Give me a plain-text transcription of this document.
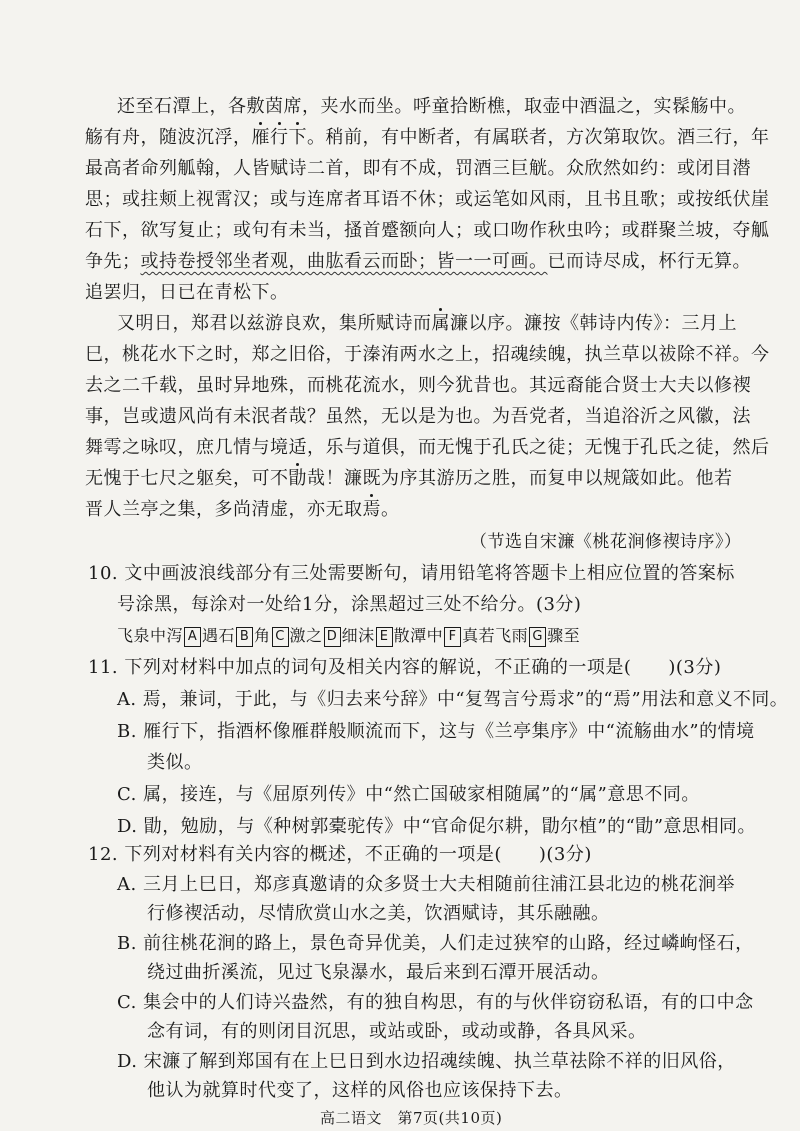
还至石潭上，各敷茵席，夹水而坐。呼童拾断樵，取壶中酒温之，实髹觞中。
觞有舟，随波沉浮，雁行下。稍前，有中断者，有属联者，方次第取饮。酒三行，年
最高者命列觚翰，人皆赋诗二首，即有不成，罚酒三巨觥。众欣然如约：或闭目潜
思；或拄颊上视霄汉；或与连席者耳语不休；或运笔如风雨，且书且歌；或按纸伏崖
石下，欲写复止；或句有未当，搔首蹙额向人；或口吻作秋虫吟；或群聚兰坡，夺觚
争先；或持卷授邻坐者观，曲肱看云而卧；皆一一可画。已而诗尽成，杯行无算。
追罢归，日已在青松下。
又明日，郑君以兹游良欢，集所赋诗而属濂以序。濂按《韩诗内传》：三月上
巳，桃花水下之时，郑之旧俗，于溱洧两水之上，招魂续魄，执兰草以祓除不祥。今
去之二千载，虽时异地殊，而桃花流水，则今犹昔也。其远裔能合贤士大夫以修禊
事，岂或遗风尚有未泯者哉？虽然，无以是为也。为吾党者，当追浴沂之风徽，法
舞雩之咏叹，庶几情与境适，乐与道俱，而无愧于孔氏之徒；无愧于孔氏之徒，然后
无愧于七尺之躯矣，可不勖哉！濂既为序其游历之胜，而复申以规箴如此。他若
晋人兰亭之集，多尚清虚，亦无取焉。
（节选自宋濂《桃花涧修禊诗序》）
10. 文中画波浪线部分有三处需要断句，请用铅笔将答题卡上相应位置的答案标
号涂黑，每涂对一处给1分，涂黑超过三处不给分。(3分)
飞泉中泻 A 遇石 B 角 C 激之 D 细沫 E 散潭中 F 真若飞雨 G 骤至
11. 下列对材料中加点的词句及相关内容的解说，不正确的一项是(　　)(3分)
A. 焉，兼词，于此，与《归去来兮辞》中“复驾言兮焉求”的“焉”用法和意义不同。
B. 雁行下，指酒杯像雁群般顺流而下，这与《兰亭集序》中“流觞曲水”的情境
类似。
C. 属，接连，与《屈原列传》中“然亡国破家相随属”的“属”意思不同。
D. 勖，勉励，与《种树郭橐驼传》中“官命促尔耕，勖尔植”的“勖”意思相同。
12. 下列对材料有关内容的概述，不正确的一项是(　　)(3分)
A. 三月上巳日，郑彦真邀请的众多贤士大夫相随前往浦江县北边的桃花涧举
行修禊活动，尽情欣赏山水之美，饮酒赋诗，其乐融融。
B. 前往桃花涧的路上，景色奇异优美，人们走过狭窄的山路，经过嶙峋怪石，
绕过曲折溪流，见过飞泉瀑水，最后来到石潭开展活动。
C. 集会中的人们诗兴盎然，有的独自构思，有的与伙伴窃窃私语，有的口中念
念有词，有的则闭目沉思，或站或卧，或动或静，各具风采。
D. 宋濂了解到郑国有在上巳日到水边招魂续魄、执兰草祛除不祥的旧风俗，
他认为就算时代变了，这样的风俗也应该保持下去。
高二语文　第7页(共10页)
